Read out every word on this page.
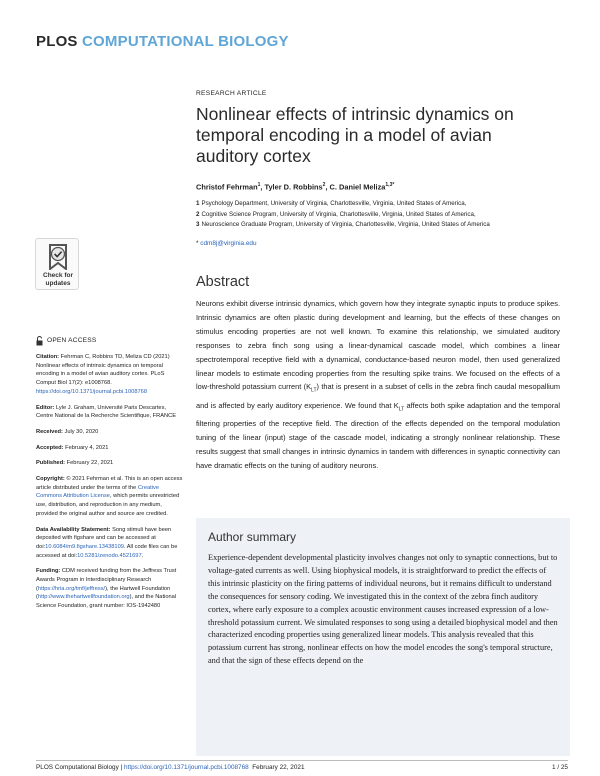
PLOS COMPUTATIONAL BIOLOGY
RESEARCH ARTICLE
Nonlinear effects of intrinsic dynamics on temporal encoding in a model of avian auditory cortex
Christof Fehrman$^1$, Tyler D. Robbins$^2$, C. Daniel Meliza$^{1,3*}$
1 Psychology Department, University of Virginia, Charlottesville, Virginia, United States of America,
2 Cognitive Science Program, University of Virginia, Charlottesville, Virginia, United States of America,
3 Neuroscience Graduate Program, University of Virginia, Charlottesville, Virginia, United States of America
* cdm8j@virginia.edu
Check for
updates
OPEN ACCESS
Citation: Fehrman C, Robbins TD, Meliza CD (2021) Nonlinear effects of intrinsic dynamics on temporal encoding in a model of avian auditory cortex. PLoS Comput Biol 17(2): e1008768. https://doi.org/10.1371/journal.pcbi.1008768
Editor: Lyle J. Graham, Université Paris Descartes, Centre National de la Recherche Scientifique, FRANCE
Received: July 30, 2020
Accepted: February 4, 2021
Published: February 22, 2021
Copyright: © 2021 Fehrman et al. This is an open access article distributed under the terms of the Creative Commons Attribution License, which permits unrestricted use, distribution, and reproduction in any medium, provided the original author and source are credited.
Data Availability Statement: Song stimuli have been deposited with figshare and can be accessed at doi:10.6084/m9.figshare.13438109. All code files can be accessed at doi:10.5281/zenodo.4521697.
Funding: CDM received funding from the Jeffress Trust Awards Program in Interdisciplinary Research (https://hria.org/tmf/jeffress/), the Hartwell Foundation (http://www.thehartwellfoundation.org), and the National Science Foundation, grant number: IOS-1942480
Abstract

Neurons exhibit diverse intrinsic dynamics, which govern how they integrate synaptic inputs to produce spikes. Intrinsic dynamics are often plastic during development and learning, but the effects of these changes on stimulus encoding properties are not well known. To examine this relationship, we simulated auditory responses to zebra finch song using a linear-dynamical cascade model, which combines a linear spectrotemporal receptive field with a dynamical, conductance-based neuron model, then used generalized linear models to estimate encoding properties from the resulting spike trains. We focused on the effects of a low-threshold potassium current $(K_{LT})$ that is present in a subset of cells in the zebra finch caudal mesopallium and is affected by early auditory experience. We found that $K_{LT}$ affects both spike adaptation and the temporal filtering properties of the receptive field. The direction of the effects depended on the temporal modulation tuning of the linear (input) stage of the cascade model, indicating a strongly nonlinear relationship. These results suggest that small changes in intrinsic dynamics in tandem with differences in synaptic connectivity can have dramatic effects on the tuning of auditory neurons.

Author summary

Experience-dependent developmental plasticity involves changes not only to synaptic connections, but to voltage-gated currents as well. Using biophysical models, it is straightforward to predict the effects of this intrinsic plasticity on the firing patterns of individual neurons, but it remains difficult to understand the consequences for sensory coding. We investigated this in the context of the zebra finch auditory cortex, where early exposure to a complex acoustic environment causes increased expression of a low-threshold potassium current. We simulated responses to song using a detailed biophysical model and then characterized encoding properties using generalized linear models. This analysis revealed that this potassium current has strong, nonlinear effects on how the model encodes the song's temporal structure, and that the sign of these effects depend on the

PLOS Computational Biology | https://doi.org/10.1371/journal.pcbi.1008768  February 22, 2021	1 / 25
